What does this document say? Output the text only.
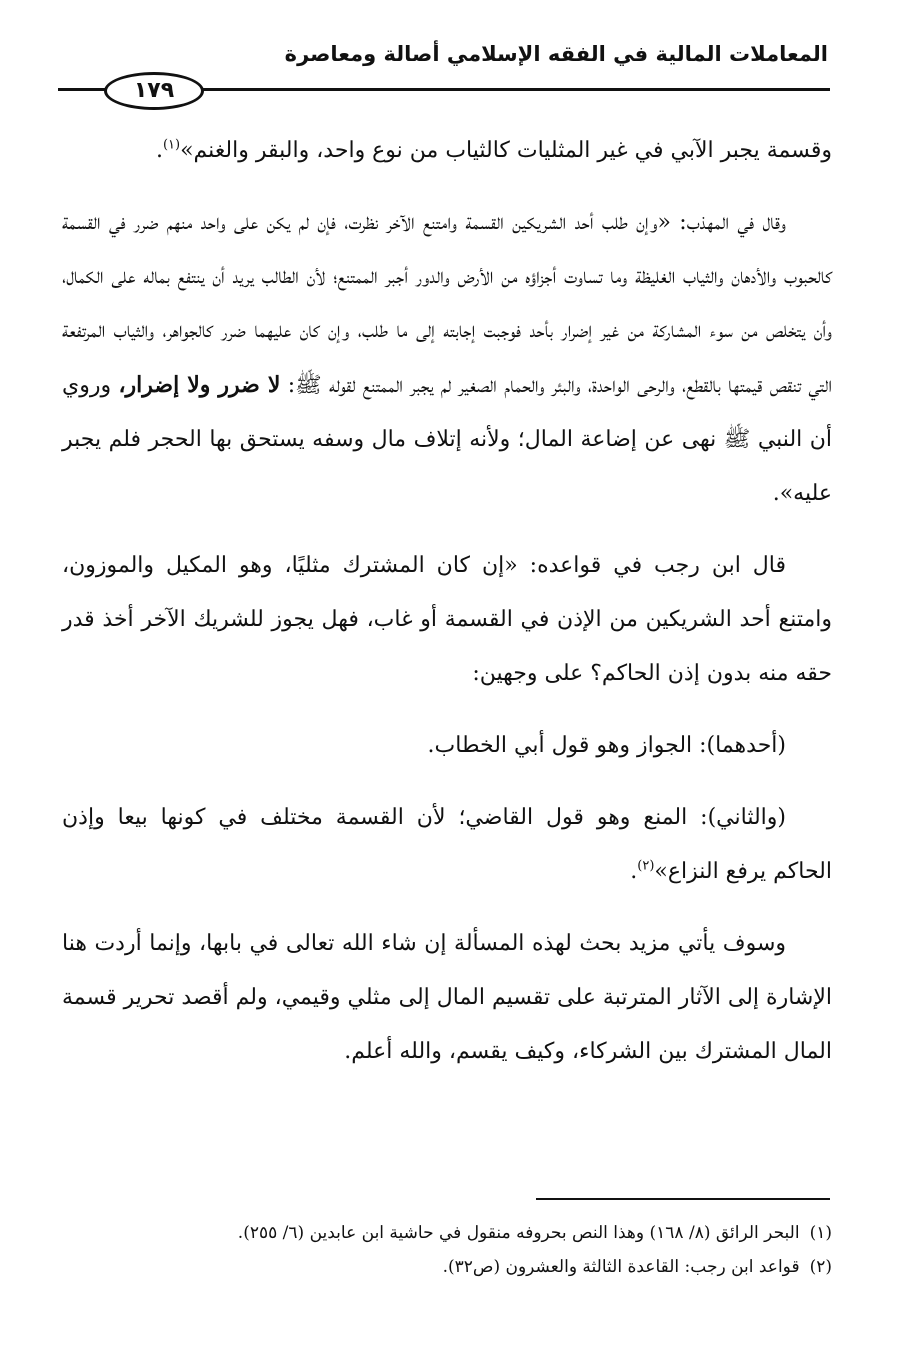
المعاملات المالية في الفقه الإسلامي أصالة ومعاصرة
١٧٩

وقسمة يجبر الآبي في غير المثليات كالثياب من نوع واحد، والبقر والغنم»$^{(١)}$.

وقال في المهذب: «وإن طلب أحد الشريكين القسمة وامتنع الآخر نظرت، فإن لم يكن على واحد منهم ضرر في القسمة كالحبوب والأدهان والثياب الغليظة وما تساوت أجزاؤه من الأرض والدور أجبر الممتنع؛ لأن الطالب يريد أن ينتفع بماله على الكمال، وأن يتخلص من سوء المشاركة من غير إضرار بأحد فوجبت إجابته إلى ما طلب، وإن كان عليهما ضرر كالجواهر، والثياب المرتفعة التي تنقص قيمتها بالقطع، والرحى الواحدة، والبئر والحمام الصغير لم يجبر الممتنع لقوله ﷺ: لا ضرر ولا إضرار، وروي أن النبي ﷺ نهى عن إضاعة المال؛ ولأنه إتلاف مال وسفه يستحق بها الحجر فلم يجبر عليه».

قال ابن رجب في قواعده: «إن كان المشترك مثليًا، وهو المكيل والموزون، وامتنع أحد الشريكين من الإذن في القسمة أو غاب، فهل يجوز للشريك الآخر أخذ قدر حقه منه بدون إذن الحاكم؟ على وجهين:

(أحدهما): الجواز وهو قول أبي الخطاب.

(والثاني): المنع وهو قول القاضي؛ لأن القسمة مختلف في كونها بيعا وإذن الحاكم يرفع النزاع»$^{(٢)}$.

وسوف يأتي مزيد بحث لهذه المسألة إن شاء الله تعالى في بابها، وإنما أردت هنا الإشارة إلى الآثار المترتبة على تقسيم المال إلى مثلي وقيمي، ولم أقصد تحرير قسمة المال المشترك بين الشركاء، وكيف يقسم، والله أعلم.

(١)البحر الرائق (٨/ ١٦٨) وهذا النص بحروفه منقول في حاشية ابن عابدين (٦/ ٢٥٥).
(٢)قواعد ابن رجب: القاعدة الثالثة والعشرون (ص٣٢).
